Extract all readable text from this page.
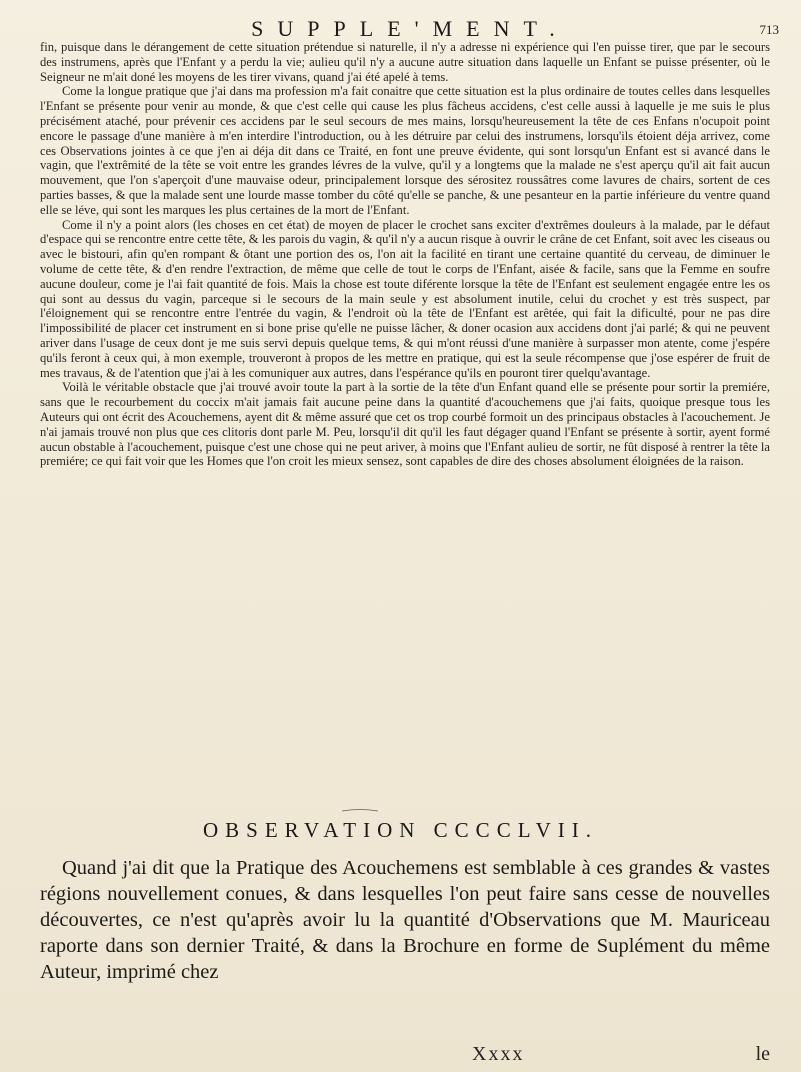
SUPPLE'MENT.	713

fin, puisque dans le dérangement de cette situation prétendue si naturelle, il n'y a adresse ni expérience qui l'en puisse tirer, que par le secours des instrumens, après que l'Enfant y a perdu la vie; aulieu qu'il n'y a aucune autre situation dans laquelle un Enfant se puisse présenter, où le Seigneur ne m'ait doné les moyens de les tirer vivans, quand j'ai été apelé à tems.

Come la longue pratique que j'ai dans ma profession m'a fait conaitre que cette situation est la plus ordinaire de toutes celles dans lesquelles l'Enfant se présente pour venir au monde, & que c'est celle qui cause les plus fâcheus accidens, c'est celle aussi à laquelle je me suis le plus précisément ataché, pour prévenir ces accidens par le seul secours de mes mains, lorsqu'heureusement la tête de ces Enfans n'ocupoit point encore le passage d'une manière à m'en interdire l'introduction, ou à les détruire par celui des instrumens, lorsqu'ils étoient déja arrivez, come ces Observations jointes à ce que j'en ai déja dit dans ce Traité, en font une preuve évidente, qui sont lorsqu'un Enfant est si avancé dans le vagin, que l'extrêmité de la tête se voit entre les grandes lévres de la vulve, qu'il y a longtems que la malade ne s'est aperçu qu'il ait fait aucun mouvement, que l'on s'aperçoit d'une mauvaise odeur, principalement lorsque des sérositez roussâtres come lavures de chairs, sortent de ces parties basses, & que la malade sent une lourde masse tomber du côté qu'elle se panche, & une pesanteur en la partie inférieure du ventre quand elle se léve, qui sont les marques les plus certaines de la mort de l'Enfant.

Come il n'y a point alors (les choses en cet état) de moyen de placer le crochet sans exciter d'extrêmes douleurs à la malade, par le défaut d'espace qui se rencontre entre cette tête, & les parois du vagin, & qu'il n'y a aucun risque à ouvrir le crâne de cet Enfant, soit avec les ciseaus ou avec le bistouri, afin qu'en rompant & ôtant une portion des os, l'on ait la facilité en tirant une certaine quantité du cerveau, de diminuer le volume de cette tête, & d'en rendre l'extraction, de même que celle de tout le corps de l'Enfant, aisée & facile, sans que la Femme en soufre aucune douleur, come je l'ai fait quantité de fois. Mais la chose est toute diférente lorsque la tête de l'Enfant est seulement engagée entre les os qui sont au dessus du vagin, parceque si le secours de la main seule y est absolument inutile, celui du crochet y est très suspect, par l'éloignement qui se rencontre entre l'entrée du vagin, & l'endroit où la tête de l'Enfant est arêtée, qui fait la dificulté, pour ne pas dire l'impossibilité de placer cet instrument en si bone prise qu'elle ne puisse lâcher, & doner ocasion aux accidens dont j'ai parlé; & qui ne peuvent ariver dans l'usage de ceux dont je me suis servi depuis quelque tems, & qui m'ont réussi d'une manière à surpasser mon atente, come j'espére qu'ils feront à ceux qui, à mon exemple, trouveront à propos de les mettre en pratique, qui est la seule récompense que j'ose espérer de fruit de mes travaus, & de l'atention que j'ai à les comuniquer aux autres, dans l'espérance qu'ils en pouront tirer quelqu'avantage.

Voilà le véritable obstacle que j'ai trouvé avoir toute la part à la sortie de la tête d'un Enfant quand elle se présente pour sortir la premiére, sans que le recourbement du coccix m'ait jamais fait aucune peine dans la quantité d'acouchemens que j'ai faits, quoique presque tous les Auteurs qui ont écrit des Acouchemens, ayent dit & même assuré que cet os trop courbé formoit un des principaus obstacles à l'acouchement. Je n'ai jamais trouvé non plus que ces clitoris dont parle M. Peu, lorsqu'il dit qu'il les faut dégager quand l'Enfant se présente à sortir, ayent formé aucun obstable à l'acouchement, puisque c'est une chose qui ne peut ariver, à moins que l'Enfant aulieu de sortir, ne fût disposé à rentrer la tête la premiére; ce qui fait voir que les Homes que l'on croit les mieux sensez, sont capables de dire des choses absolument éloignées de la raison.

OBSERVATION CCCCLVII.

Quand j'ai dit que la Pratique des Acouchemens est semblable à ces grandes & vastes régions nouvellement conues, & dans lesquelles l'on peut faire sans cesse de nouvelles découvertes, ce n'est qu'après avoir lu la quantité d'Observations que M. Mauriceau raporte dans son dernier Traité, & dans la Brochure en forme de Suplément du même Auteur, imprimé chez

Xxxx	le
